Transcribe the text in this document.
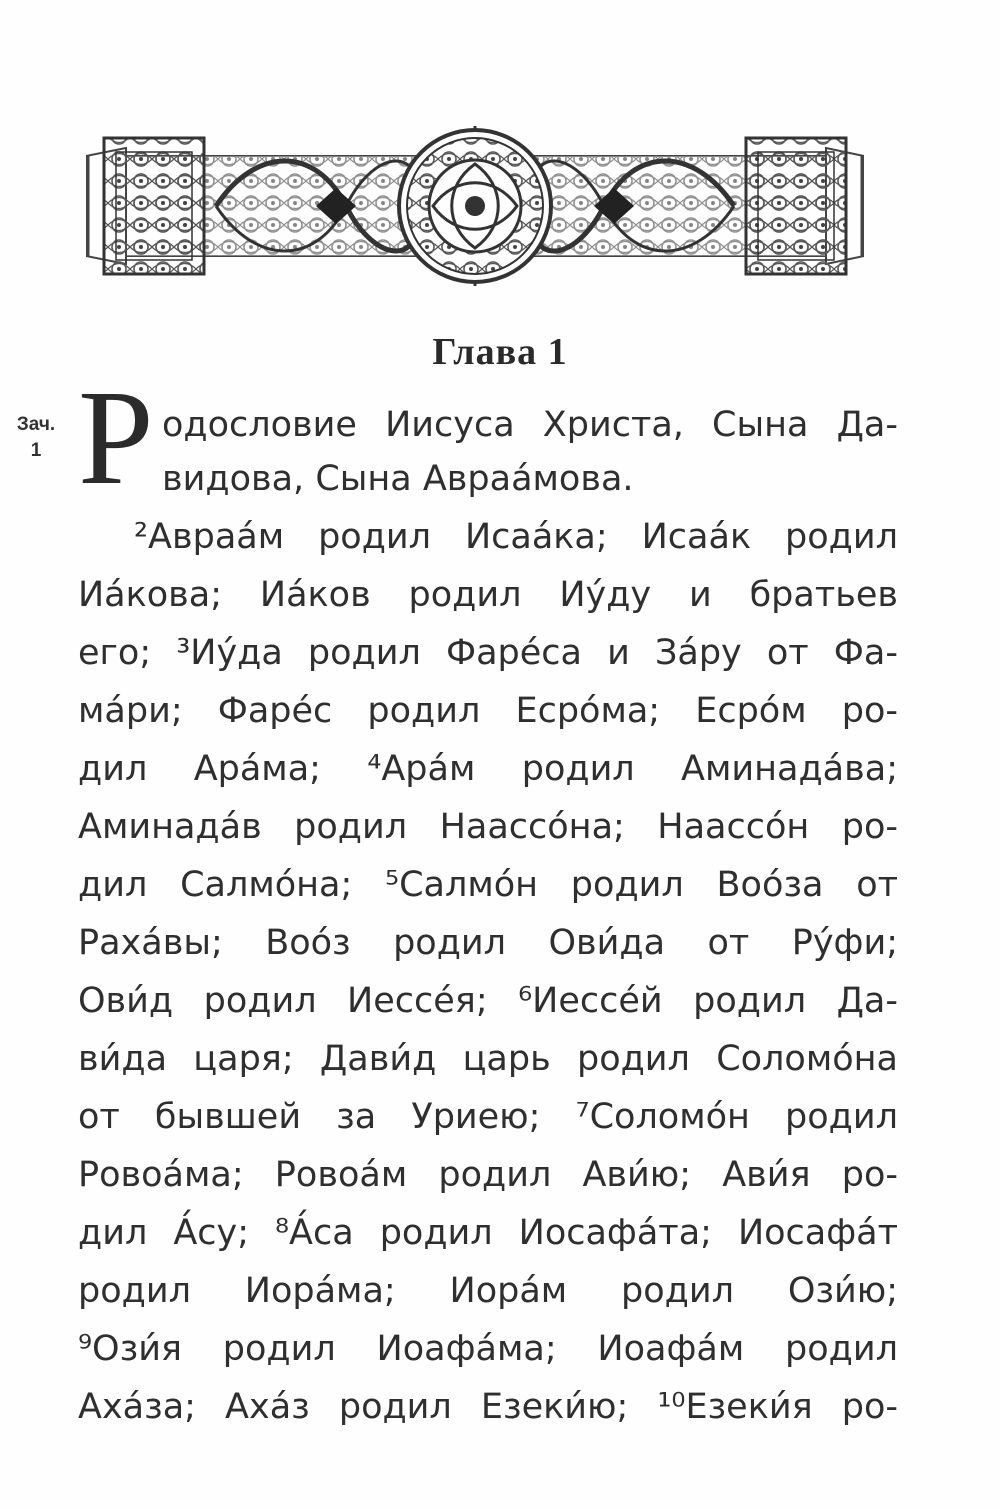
Глава 1
Зач.
1 Р одословие Иисуса Христа, Сына Да-
видова, Сына Авраа́мова.
²Авраа́м родил Исаа́ка; Исаа́к родил
Иа́кова; Иа́ков родил Иу́ду и братьев
его; ³Иу́да родил Фаре́са и За́ру от Фа-
ма́ри; Фаре́с родил Есро́ма; Есро́м ро-
дил Ара́ма; ⁴Ара́м родил Аминада́ва;
Аминада́в родил Наассо́на; Наассо́н ро-
дил Салмо́на; ⁵Салмо́н родил Воо́за от
Раха́вы; Воо́з родил Ови́да от Ру́фи;
Ови́д родил Иессе́я; ⁶Иессе́й родил Да-
ви́да царя; Дави́д царь родил Соломо́на
от бывшей за Уриею; ⁷Соломо́н родил
Ровоа́ма; Ровоа́м родил Ави́ю; Ави́я ро-
дил А́су; ⁸А́са родил Иосафа́та; Иосафа́т
родил Иора́ма; Иора́м родил Ози́ю;
⁹Ози́я родил Иоафа́ма; Иоафа́м родил
Аха́за; Аха́з родил Езеки́ю; ¹⁰Езеки́я ро-
